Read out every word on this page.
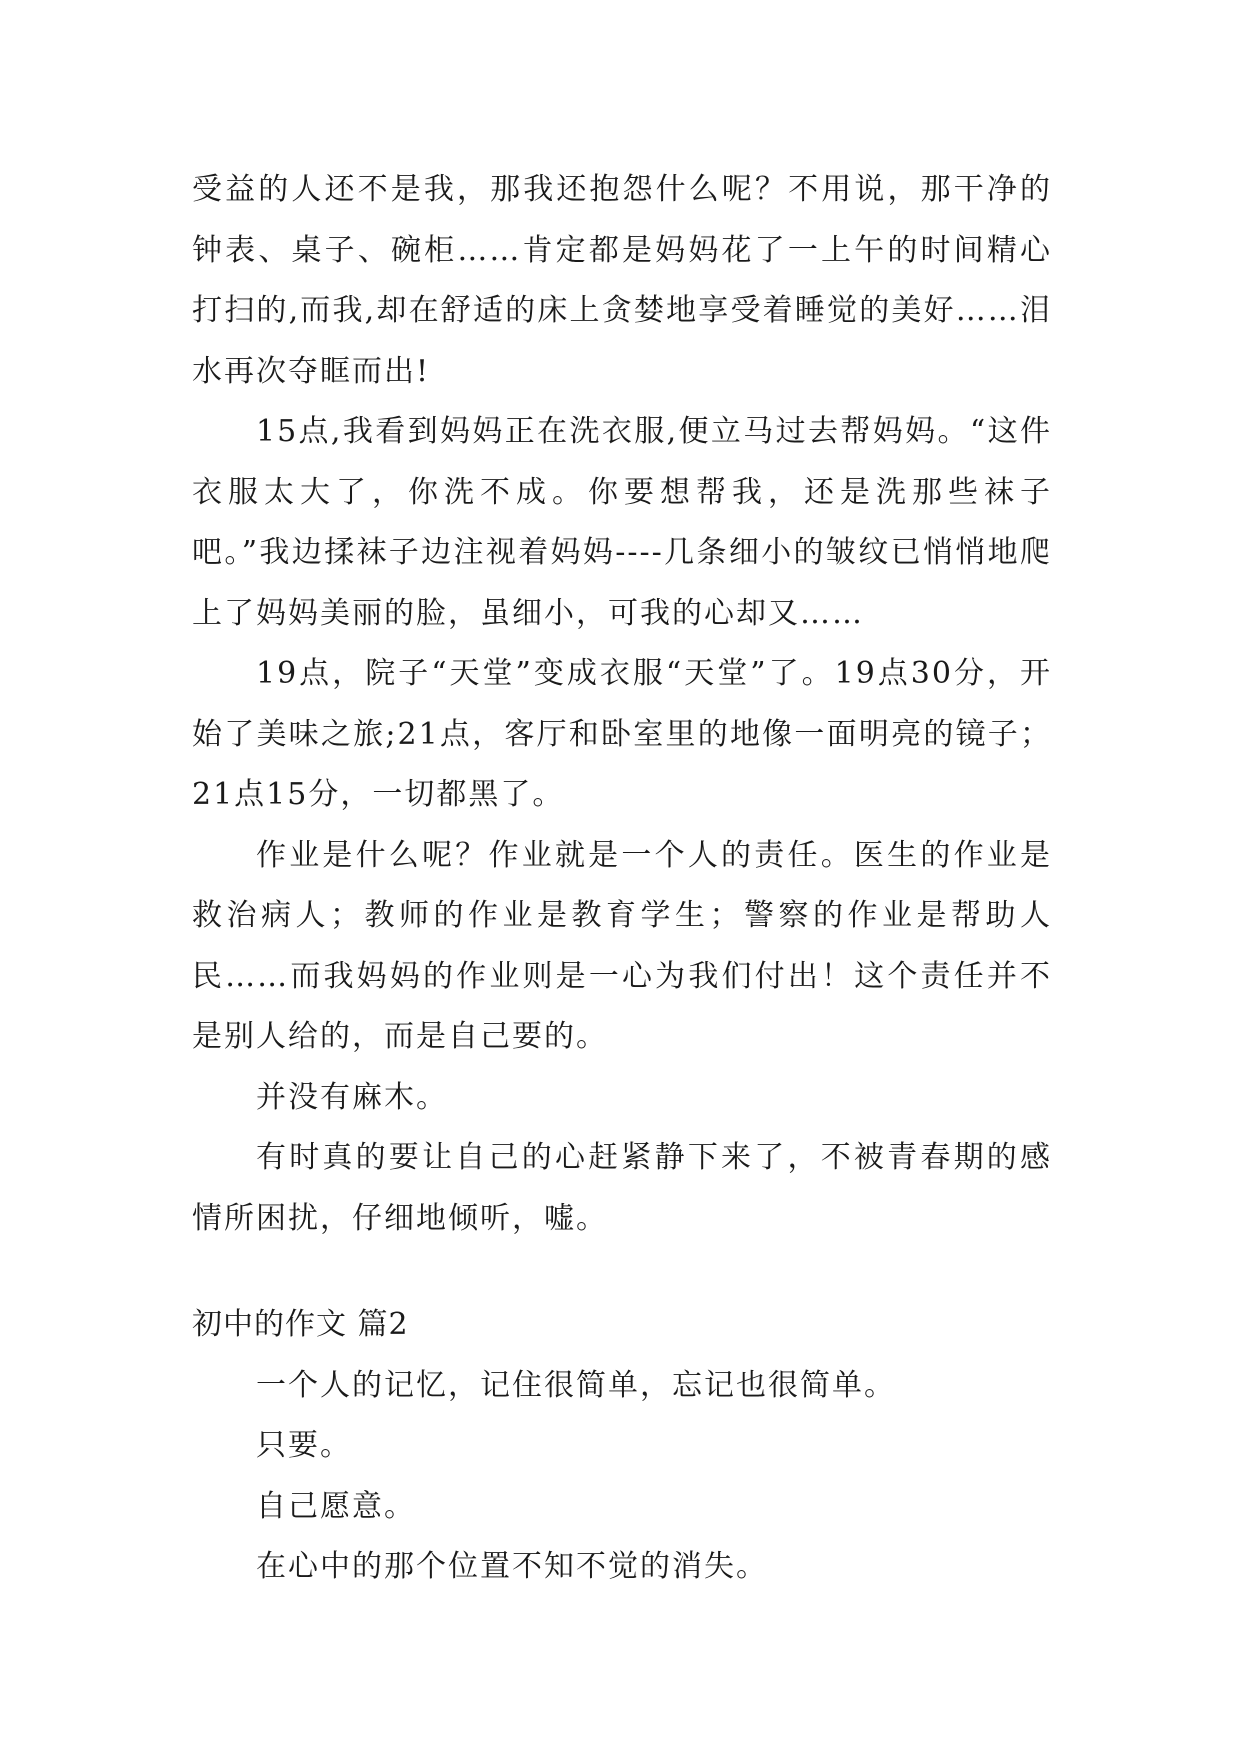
受益的人还不是我，那我还抱怨什么呢？不用说，那干净的钟表、桌子、碗柜……肯定都是妈妈花了一上午的时间精心打扫的,而我,却在舒适的床上贪婪地享受着睡觉的美好……泪水再次夺眶而出!

15点,我看到妈妈正在洗衣服,便立马过去帮妈妈。“这件衣服太大了，你洗不成。你要想帮我，还是洗那些袜子吧。”我边揉袜子边注视着妈妈----几条细小的皱纹已悄悄地爬上了妈妈美丽的脸，虽细小，可我的心却又……

19点，院子“天堂”变成衣服“天堂”了。19点30分，开始了美味之旅;21点，客厅和卧室里的地像一面明亮的镜子；21点15分，一切都黑了。

作业是什么呢？作业就是一个人的责任。医生的作业是救治病人；教师的作业是教育学生；警察的作业是帮助人民……而我妈妈的作业则是一心为我们付出！这个责任并不是别人给的，而是自己要的。

并没有麻木。

有时真的要让自己的心赶紧静下来了，不被青春期的感情所困扰，仔细地倾听，嘘。

初中的作文 篇2

一个人的记忆，记住很简单，忘记也很简单。

只要。

自己愿意。

在心中的那个位置不知不觉的消失。
